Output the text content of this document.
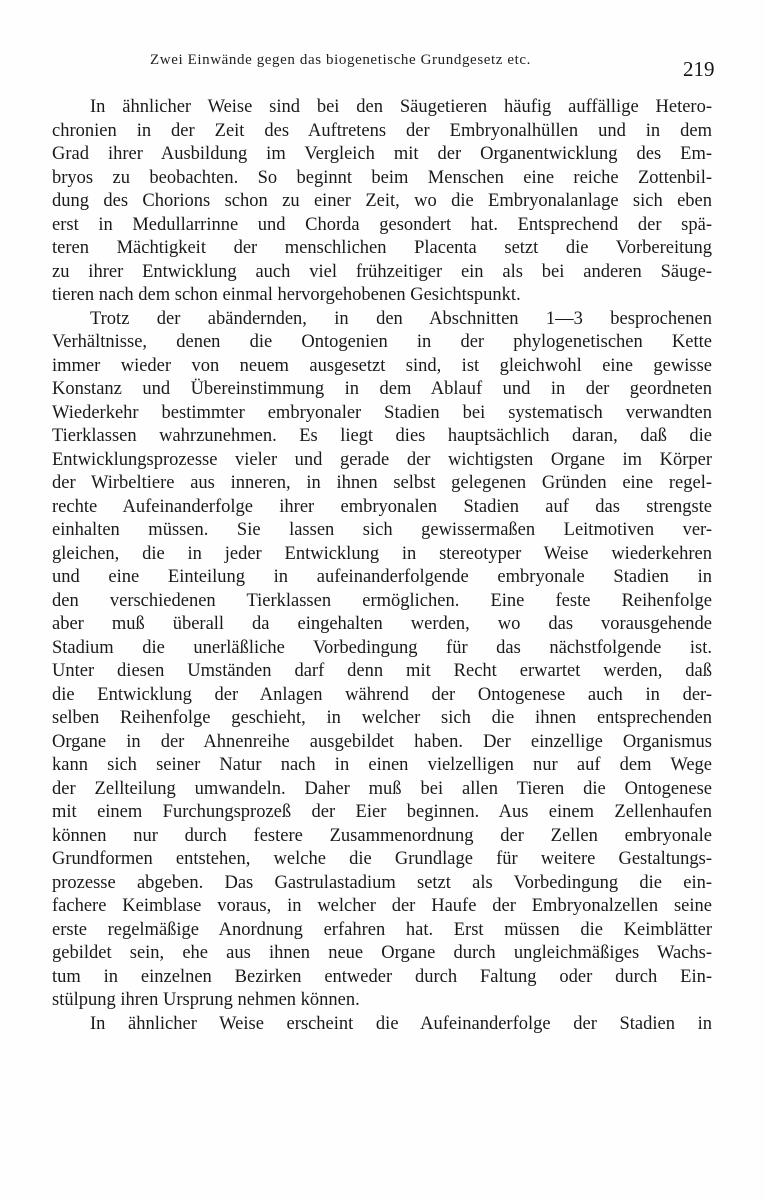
Zwei Einwände gegen das biogenetische Grundgesetz etc.	219
In ähnlicher Weise sind bei den Säugetieren häufig auffällige Hetero-
chronien in der Zeit des Auftretens der Embryonalhüllen und in dem
Grad ihrer Ausbildung im Vergleich mit der Organentwicklung des Em-
bryos zu beobachten. So beginnt beim Menschen eine reiche Zottenbil-
dung des Chorions schon zu einer Zeit, wo die Embryonalanlage sich eben
erst in Medullarrinne und Chorda gesondert hat. Entsprechend der spä-
teren Mächtigkeit der menschlichen Placenta setzt die Vorbereitung
zu ihrer Entwicklung auch viel frühzeitiger ein als bei anderen Säuge-
tieren nach dem schon einmal hervorgehobenen Gesichtspunkt.
Trotz der abändernden, in den Abschnitten 1—3 besprochenen
Verhältnisse, denen die Ontogenien in der phylogenetischen Kette
immer wieder von neuem ausgesetzt sind, ist gleichwohl eine gewisse
Konstanz und Übereinstimmung in dem Ablauf und in der geordneten
Wiederkehr bestimmter embryonaler Stadien bei systematisch verwandten
Tierklassen wahrzunehmen. Es liegt dies hauptsächlich daran, daß die
Entwicklungsprozesse vieler und gerade der wichtigsten Organe im Körper
der Wirbeltiere aus inneren, in ihnen selbst gelegenen Gründen eine regel-
rechte Aufeinanderfolge ihrer embryonalen Stadien auf das strengste
einhalten müssen. Sie lassen sich gewissermaßen Leitmotiven ver-
gleichen, die in jeder Entwicklung in stereotyper Weise wiederkehren
und eine Einteilung in aufeinanderfolgende embryonale Stadien in
den verschiedenen Tierklassen ermöglichen. Eine feste Reihenfolge
aber muß überall da eingehalten werden, wo das vorausgehende
Stadium die unerläßliche Vorbedingung für das nächstfolgende ist.
Unter diesen Umständen darf denn mit Recht erwartet werden, daß
die Entwicklung der Anlagen während der Ontogenese auch in der-
selben Reihenfolge geschieht, in welcher sich die ihnen entsprechenden
Organe in der Ahnenreihe ausgebildet haben. Der einzellige Organismus
kann sich seiner Natur nach in einen vielzelligen nur auf dem Wege
der Zellteilung umwandeln. Daher muß bei allen Tieren die Ontogenese
mit einem Furchungsprozeß der Eier beginnen. Aus einem Zellenhaufen
können nur durch festere Zusammenordnung der Zellen embryonale
Grundformen entstehen, welche die Grundlage für weitere Gestaltungs-
prozesse abgeben. Das Gastrulastadium setzt als Vorbedingung die ein-
fachere Keimblase voraus, in welcher der Haufe der Embryonalzellen seine
erste regelmäßige Anordnung erfahren hat. Erst müssen die Keimblätter
gebildet sein, ehe aus ihnen neue Organe durch ungleichmäßiges Wachs-
tum in einzelnen Bezirken entweder durch Faltung oder durch Ein-
stülpung ihren Ursprung nehmen können.
In ähnlicher Weise erscheint die Aufeinanderfolge der Stadien in
